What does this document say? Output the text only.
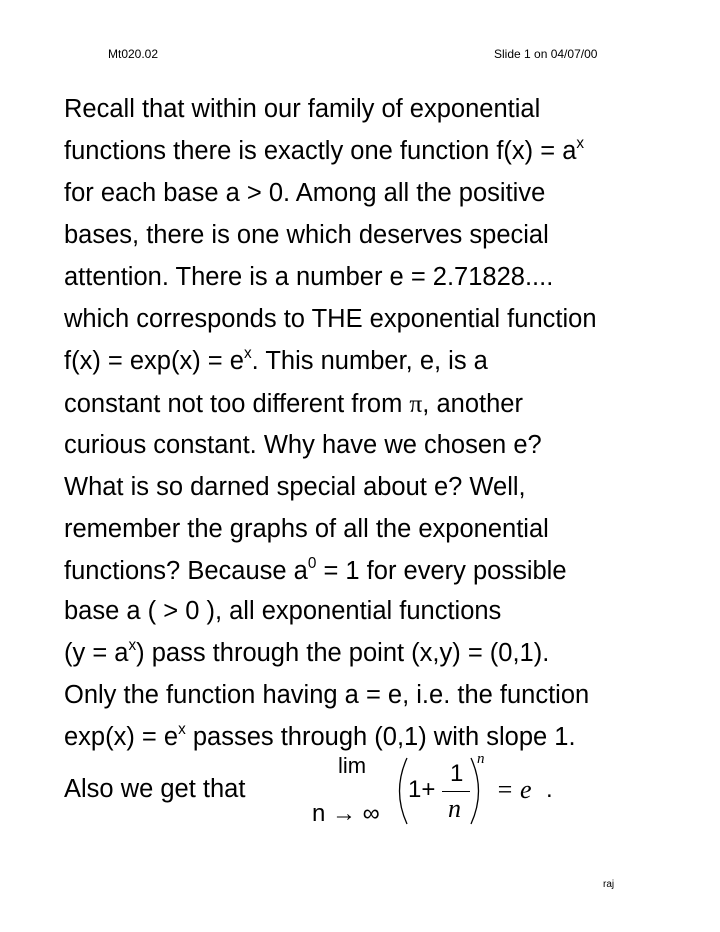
Mt020.02	Slide 1 on 04/07/00
Recall that within our family of exponential
functions there is exactly one function $f(x) = a^x$
for each base a > 0. Among all the positive
bases, there is one which deserves special
attention. There is a number e = 2.71828....
which corresponds to THE exponential function
$f(x) = \exp(x) = e^x$. This number, e, is a
constant not too different from π, another
curious constant. Why have we chosen e?
What is so darned special about e? Well,
remember the graphs of all the exponential
functions? Because $a^0 = 1$ for every possible
base a ( > 0 ), all exponential functions
$(y = a^x)$ pass through the point (x,y) = (0,1).
Only the function having a = e, i.e. the function
$\exp(x) = e^x$ passes through (0,1) with slope 1.
Also we get that
lim
n → ∞
1+
1
n
n
= e .
raj
